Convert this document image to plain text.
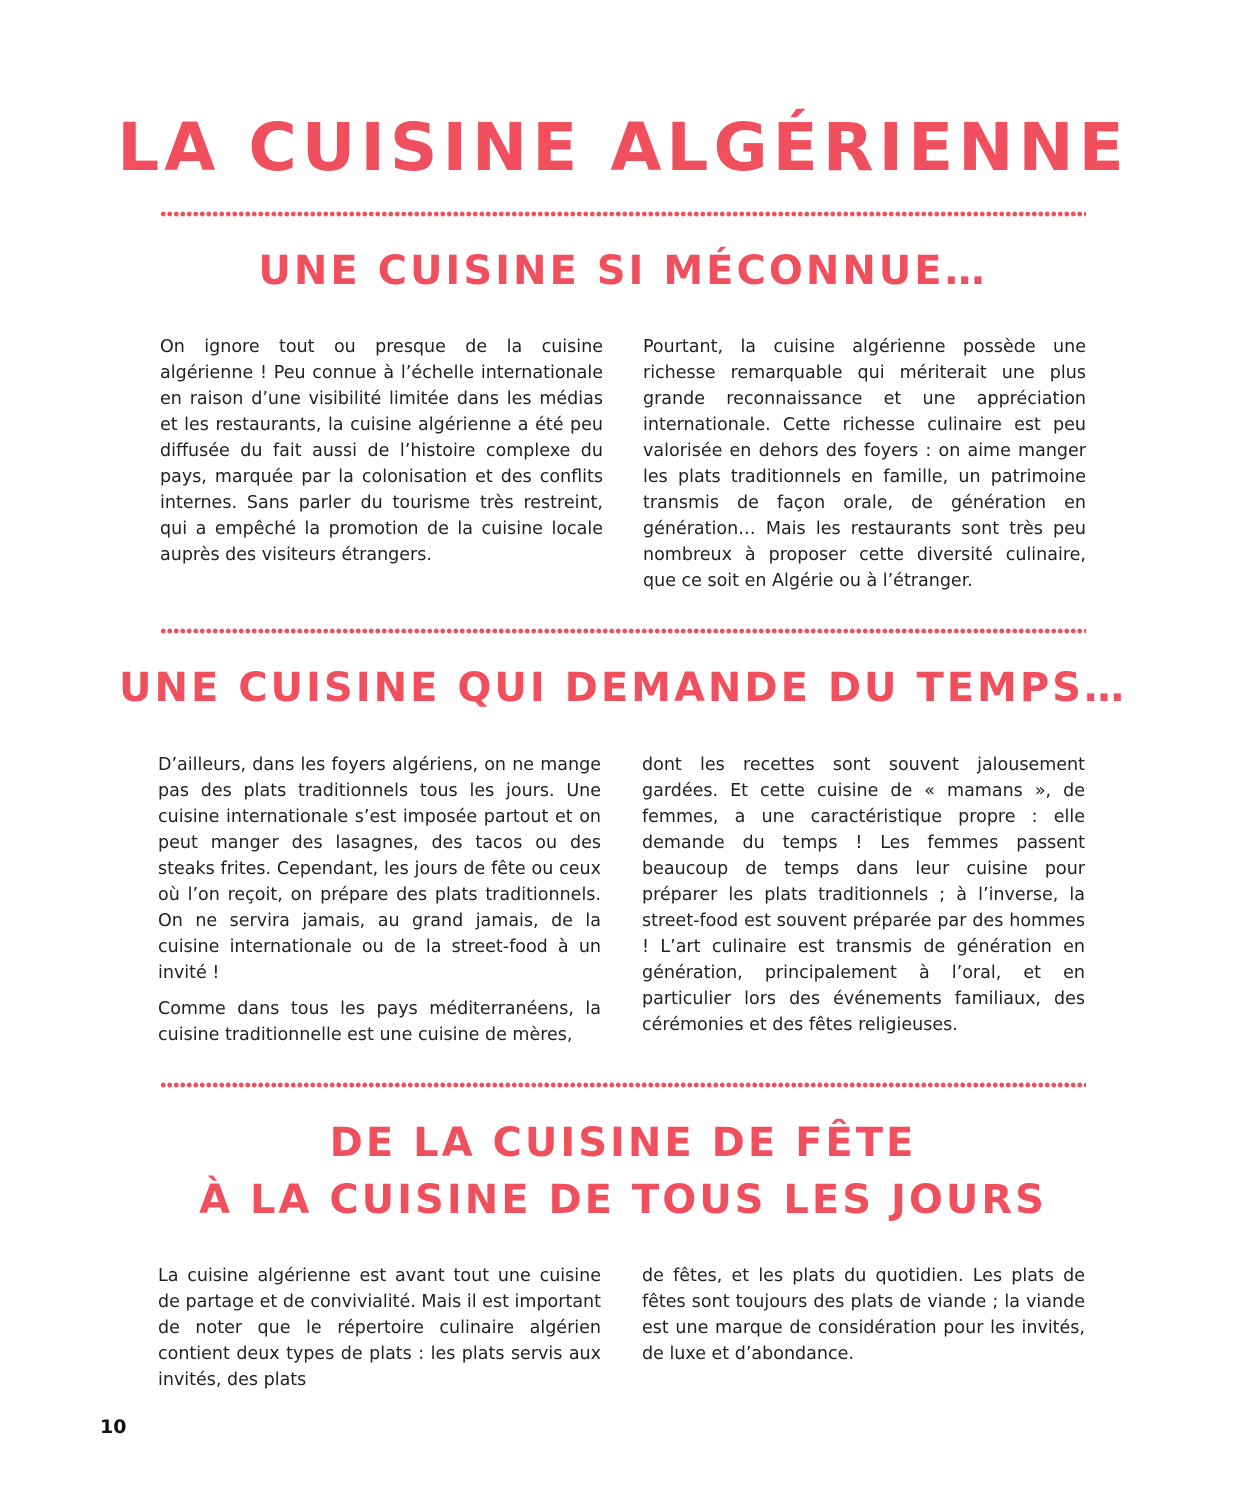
LA CUISINE ALGÉRIENNE
UNE CUISINE SI MÉCONNUE…

On ignore tout ou presque de la cuisine algérienne ! Peu connue à l’échelle internationale en raison d’une visibilité limitée dans les médias et les restaurants, la cuisine algérienne a été peu diffusée du fait aussi de l’histoire complexe du pays, marquée par la colonisation et des conflits internes. Sans parler du tourisme très restreint, qui a empêché la promotion de la cuisine locale auprès des visiteurs étrangers.

Pourtant, la cuisine algérienne possède une richesse remarquable qui mériterait une plus grande reconnaissance et une appréciation internationale. Cette richesse culinaire est peu valorisée en dehors des foyers : on aime manger les plats traditionnels en famille, un patrimoine transmis de façon orale, de génération en génération… Mais les restaurants sont très peu nombreux à proposer cette diversité culinaire, que ce soit en Algérie ou à l’étranger.

UNE CUISINE QUI DEMANDE DU TEMPS…

D’ailleurs, dans les foyers algériens, on ne mange pas des plats traditionnels tous les jours. Une cuisine internationale s’est imposée partout et on peut manger des lasagnes, des tacos ou des steaks frites. Cependant, les jours de fête ou ceux où l’on reçoit, on prépare des plats traditionnels. On ne servira jamais, au grand jamais, de la cuisine internationale ou de la street-food à un invité !

Comme dans tous les pays méditerranéens, la cuisine traditionnelle est une cuisine de mères,

dont les recettes sont souvent jalousement gardées. Et cette cuisine de « mamans », de femmes, a une caractéristique propre : elle demande du temps ! Les femmes passent beaucoup de temps dans leur cuisine pour préparer les plats traditionnels ; à l’inverse, la street-food est souvent préparée par des hommes ! L’art culinaire est transmis de génération en génération, principalement à l’oral, et en particulier lors des événements familiaux, des cérémonies et des fêtes religieuses.

DE LA CUISINE DE FÊTE
À LA CUISINE DE TOUS LES JOURS

La cuisine algérienne est avant tout une cuisine de partage et de convivialité. Mais il est important de noter que le répertoire culinaire algérien contient deux types de plats : les plats servis aux invités, des plats

de fêtes, et les plats du quotidien. Les plats de fêtes sont toujours des plats de viande ; la viande est une marque de considération pour les invités, de luxe et d’abondance.

10
